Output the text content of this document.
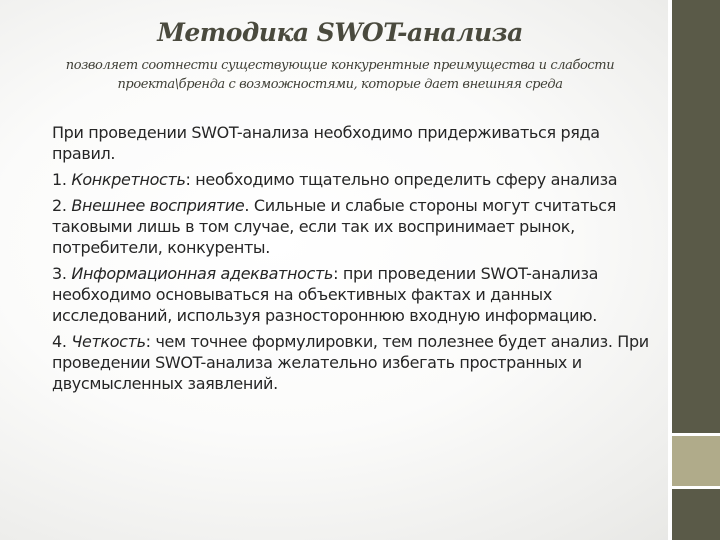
Методика SWOT-анализа

позволяет соотнести существующие конкурентные преимущества и слабости проекта\бренда с возможностями, которые дает внешняя среда

При проведении SWOT-анализа необходимо придерживаться ряда правил.

1. Конкретность: необходимо тщательно определить сферу анализа

2. Внешнее восприятие. Сильные и слабые стороны могут считаться таковыми лишь в том случае, если так их воспринимает рынок, потребители, конкуренты.

3. Информационная адекватность: при проведении SWOT-анализа необходимо основываться на объективных фактах и данных исследований, используя разностороннюю входную информацию.

4. Четкость: чем точнее формулировки, тем полезнее будет анализ. При проведении SWOT-анализа желательно избегать пространных и двусмысленных заявлений.
